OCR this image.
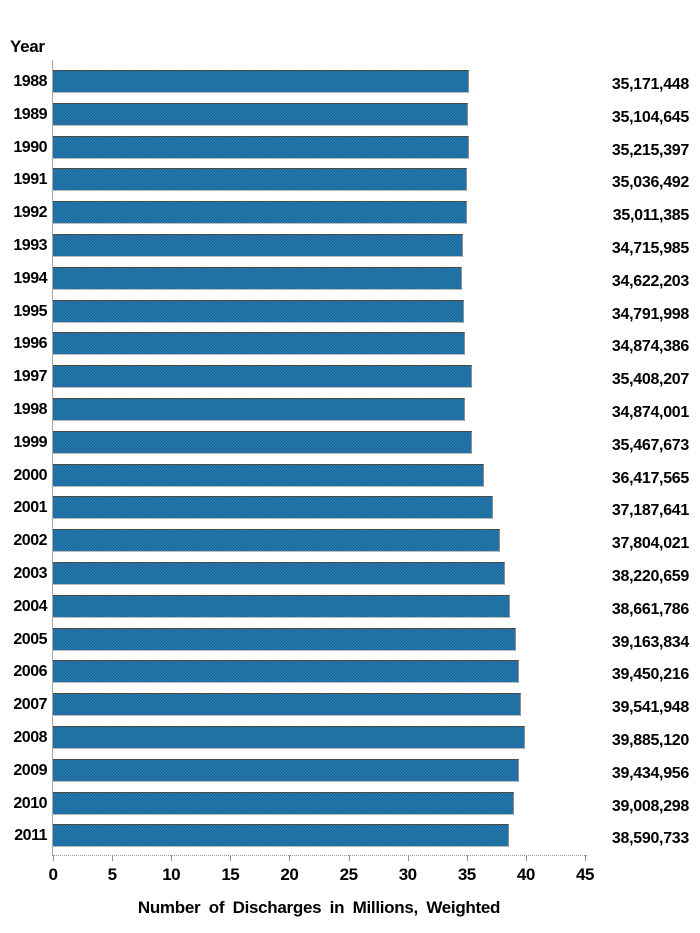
Year
1988	35,171,448
1989	35,104,645
1990	35,215,397
1991	35,036,492
1992	35,011,385
1993	34,715,985
1994	34,622,203
1995	34,791,998
1996	34,874,386
1997	35,408,207
1998	34,874,001
1999	35,467,673
2000	36,417,565
2001	37,187,641
2002	37,804,021
2003	38,220,659
2004	38,661,786
2005	39,163,834
2006	39,450,216
2007	39,541,948
2008	39,885,120
2009	39,434,956
2010	39,008,298
2011	38,590,733
0	5	10 15 20 25 30 35 40 45
Number of Discharges in Millions, Weighted
